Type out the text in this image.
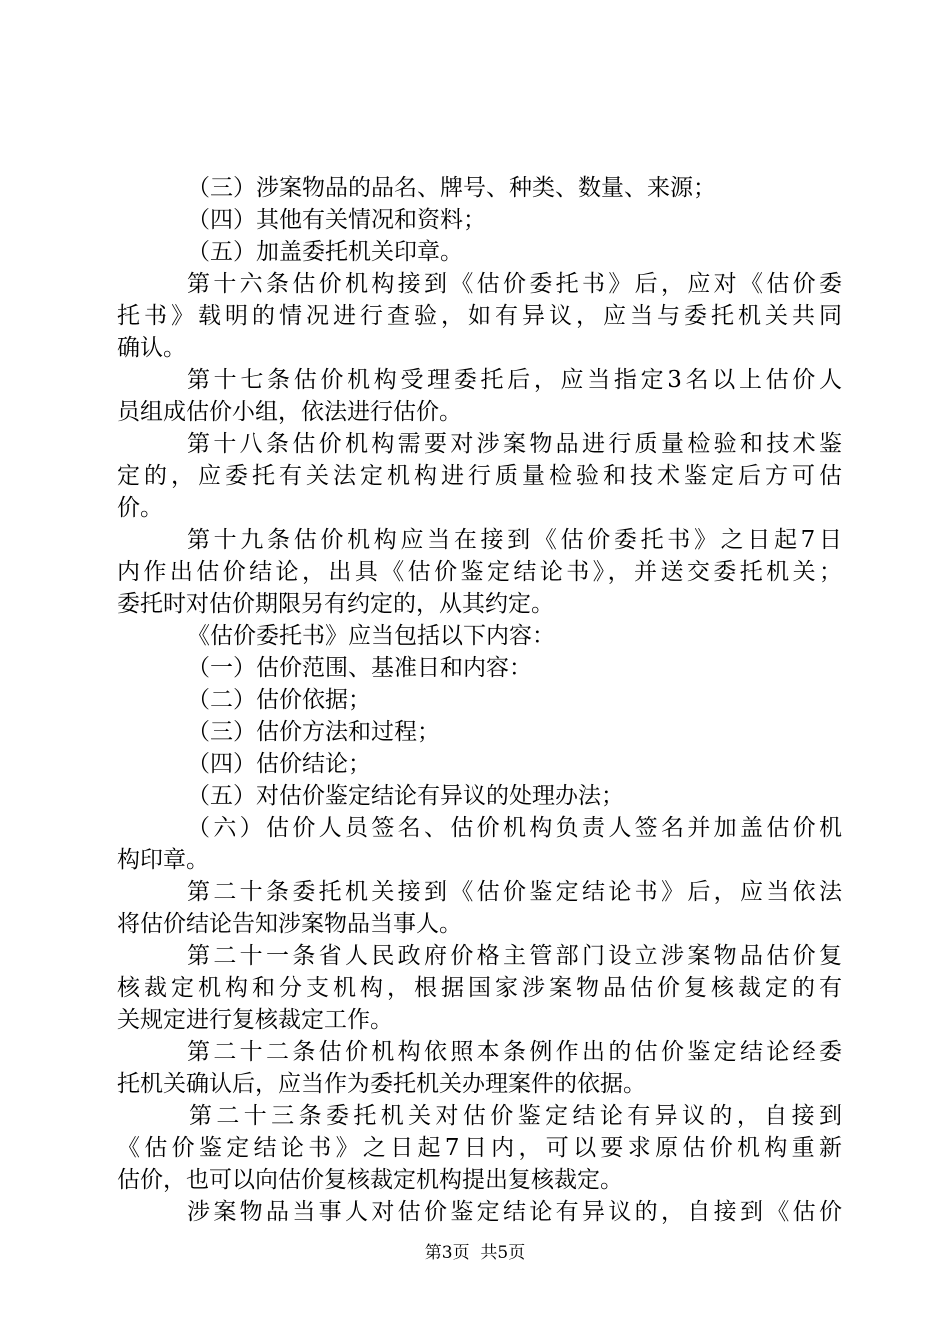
（三）涉案物品的品名、牌号、种类、数量、来源；
（四）其他有关情况和资料；
（五）加盖委托机关印章。
第十六条估价机构接到《估价委托书》后，应对《估价委
托书》载明的情况进行查验，如有异议，应当与委托机关共同
确认。
第十七条估价机构受理委托后，应当指定3名以上估价人
员组成估价小组，依法进行估价。
第十八条估价机构需要对涉案物品进行质量检验和技术鉴
定的，应委托有关法定机构进行质量检验和技术鉴定后方可估
价。
第十九条估价机构应当在接到《估价委托书》之日起7日
内作出估价结论，出具《估价鉴定结论书》，并送交委托机关；
委托时对估价期限另有约定的，从其约定。
《估价委托书》应当包括以下内容：
（一）估价范围、基准日和内容：
（二）估价依据；
（三）估价方法和过程；
（四）估价结论；
（五）对估价鉴定结论有异议的处理办法；
（六）估价人员签名、估价机构负责人签名并加盖估价机
构印章。
第二十条委托机关接到《估价鉴定结论书》后，应当依法
将估价结论告知涉案物品当事人。
第二十一条省人民政府价格主管部门设立涉案物品估价复
核裁定机构和分支机构，根据国家涉案物品估价复核裁定的有
关规定进行复核裁定工作。
第二十二条估价机构依照本条例作出的估价鉴定结论经委
托机关确认后，应当作为委托机关办理案件的依据。
第二十三条委托机关对估价鉴定结论有异议的，自接到
《估价鉴定结论书》之日起7日内，可以要求原估价机构重新
估价，也可以向估价复核裁定机构提出复核裁定。
涉案物品当事人对估价鉴定结论有异议的，自接到《估价
第3页  共5页
